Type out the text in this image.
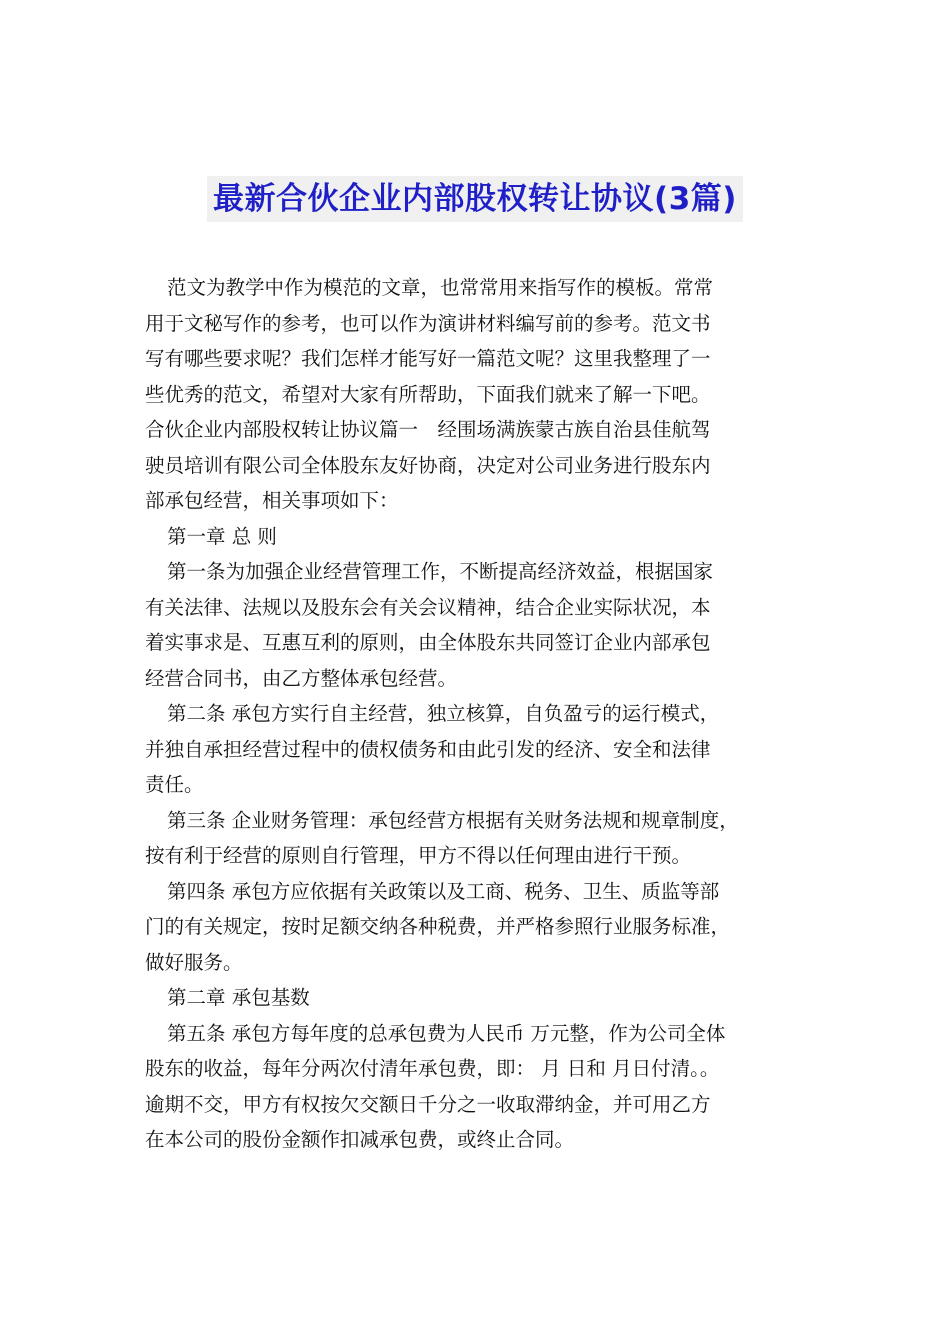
最新合伙企业内部股权转让协议(3篇)

范文为教学中作为模范的文章，也常常用来指写作的模板。常常

用于文秘写作的参考，也可以作为演讲材料编写前的参考。范文书

写有哪些要求呢？我们怎样才能写好一篇范文呢？这里我整理了一

些优秀的范文，希望对大家有所帮助，下面我们就来了解一下吧。

合伙企业内部股权转让协议篇一　经围场满族蒙古族自治县佳航驾

驶员培训有限公司全体股东友好协商，决定对公司业务进行股东内

部承包经营，相关事项如下：

第一章 总 则

第一条为加强企业经营管理工作，不断提高经济效益，根据国家

有关法律、法规以及股东会有关会议精神，结合企业实际状况，本

着实事求是、互惠互利的原则，由全体股东共同签订企业内部承包

经营合同书，由乙方整体承包经营。

第二条 承包方实行自主经营，独立核算，自负盈亏的运行模式，

并独自承担经营过程中的债权债务和由此引发的经济、安全和法律

责任。

第三条 企业财务管理：承包经营方根据有关财务法规和规章制度，

按有利于经营的原则自行管理，甲方不得以任何理由进行干预。

第四条 承包方应依据有关政策以及工商、税务、卫生、质监等部

门的有关规定，按时足额交纳各种税费，并严格参照行业服务标准，

做好服务。

第二章 承包基数

第五条 承包方每年度的总承包费为人民币 万元整，作为公司全体

股东的收益，每年分两次付清年承包费，即： 月 日和 月日付清。。

逾期不交，甲方有权按欠交额日千分之一收取滞纳金，并可用乙方

在本公司的股份金额作扣减承包费，或终止合同。
